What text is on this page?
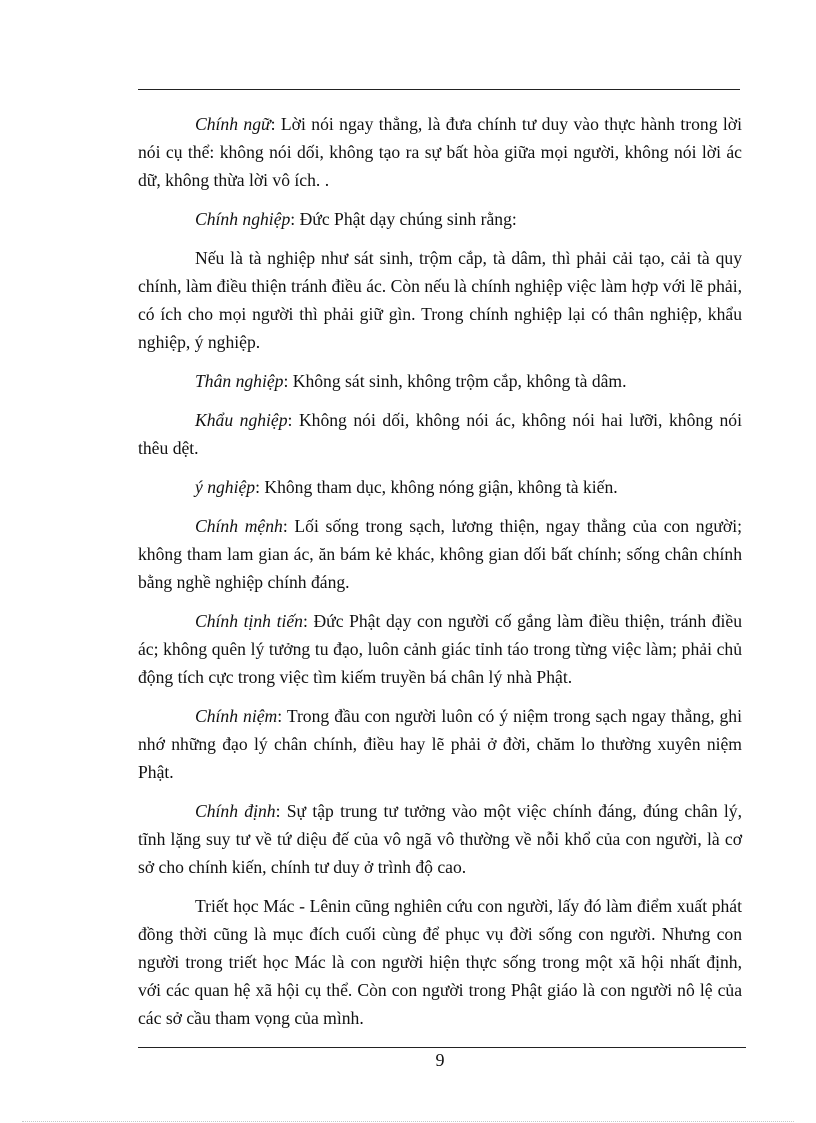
Chính ngữ: Lời nói ngay thẳng, là đưa chính tư duy vào thực hành trong lời nói cụ thể: không nói dối, không tạo ra sự bất hòa giữa mọi người, không nói lời ác dữ, không thừa lời vô ích. .

Chính nghiệp: Đức Phật dạy chúng sinh rằng:

Nếu là tà nghiệp như sát sinh, trộm cắp, tà dâm, thì phải cải tạo, cải tà quy chính, làm điều thiện tránh điều ác. Còn nếu là chính nghiệp việc làm hợp với lẽ phải, có ích cho mọi người thì phải giữ gìn. Trong chính nghiệp lại có thân nghiệp, khẩu nghiệp, ý nghiệp.

Thân nghiệp: Không sát sinh, không trộm cắp, không tà dâm.

Khẩu nghiệp: Không nói dối, không nói ác, không nói hai lưỡi, không nói thêu dệt.

ý nghiệp: Không tham dục, không nóng giận, không tà kiến.

Chính mệnh: Lối sống trong sạch, lương thiện, ngay thẳng của con người; không tham lam gian ác, ăn bám kẻ khác, không gian dối bất chính; sống chân chính bằng nghề nghiệp chính đáng.

Chính tịnh tiến: Đức Phật dạy con người cố gắng làm điều thiện, tránh điều ác; không quên lý tưởng tu đạo, luôn cảnh giác tỉnh táo trong từng việc làm; phải chủ động tích cực trong việc tìm kiếm truyền bá chân lý nhà Phật.

Chính niệm: Trong đầu con người luôn có ý niệm trong sạch ngay thẳng, ghi nhớ những đạo lý chân chính, điều hay lẽ phải ở đời, chăm lo thường xuyên niệm Phật.

Chính định: Sự tập trung tư tưởng vào một việc chính đáng, đúng chân lý, tĩnh lặng suy tư về tứ diệu đế của vô ngã vô thường về nỗi khổ của con người, là cơ sở cho chính kiến, chính tư duy ở trình độ cao.

Triết học Mác - Lênin cũng nghiên cứu con người, lấy đó làm điểm xuất phát đồng thời cũng là mục đích cuối cùng để phục vụ đời sống con người. Nhưng con người trong triết học Mác là con người hiện thực sống trong một xã hội nhất định, với các quan hệ xã hội cụ thể. Còn con người trong Phật giáo là con người nô lệ của các sở cầu tham vọng của mình.

9
